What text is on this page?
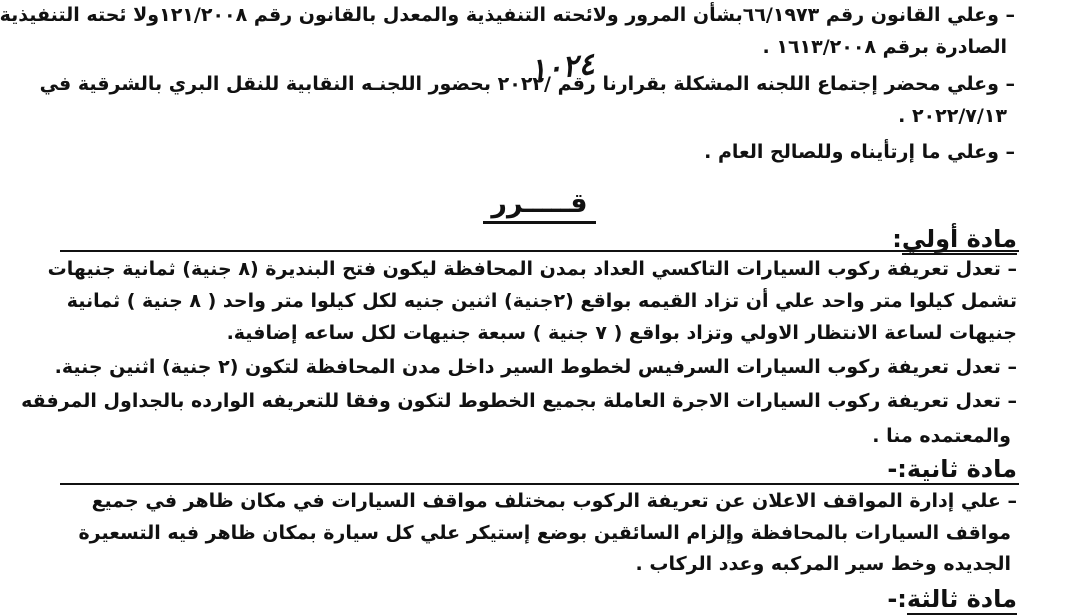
– وعلي القانون رقم ٦٦/١٩٧٣بشأن المرور ولائحته التنفيذية والمعدل بالقانون رقم ١٢١/٢٠٠٨ولا ئحته التنفيذية
الصادرة برقم ١٦١٣/٢٠٠٨ .
– وعلي محضر إجتماع اللجنه المشكلة بقرارنا رقم /٢٠٢٢ بحضور اللجنـه النقابية للنقل البري بالشرقية في
٢٠٢٢/٧/١٣ .
– وعلي ما إرتأيناه وللصالح العام .
١٠٢٤
قـــــرر
مادة أولي:
– تعدل تعريفة ركوب السيارات التاكسي العداد بمدن المحافظة ليكون فتح البنديرة (٨ جنية) ثمانية جنيهات
تشمل كيلوا متر واحد علي أن تزاد القيمه بواقع (٢جنية) اثنين جنيه لكل كيلوا متر واحد ( ٨ جنية ) ثمانية
جنيهات لساعة الانتظار الاولي وتزاد بواقع ( ٧ جنية ) سبعة جنيهات لكل ساعه إضافية.
– تعدل تعريفة ركوب السيارات السرفيس لخطوط السير داخل مدن المحافظة لتكون (٢ جنية) اثنين جنية.
– تعدل تعريفة ركوب السيارات الاجرة العاملة بجميع الخطوط لتكون وفقا للتعريفه الوارده بالجداول المرفقه
والمعتمده منا .
مادة ثانية:-
– علي إدارة المواقف الاعلان عن تعريفة الركوب بمختلف مواقف السيارات في مكان ظاهر في جميع
مواقف السيارات بالمحافظة وإلزام السائقين بوضع إستيكر علي كل سيارة بمكان ظاهر فيه التسعيرة
الجديده وخط سير المركبه وعدد الركاب .
مادة ثالثة:-
